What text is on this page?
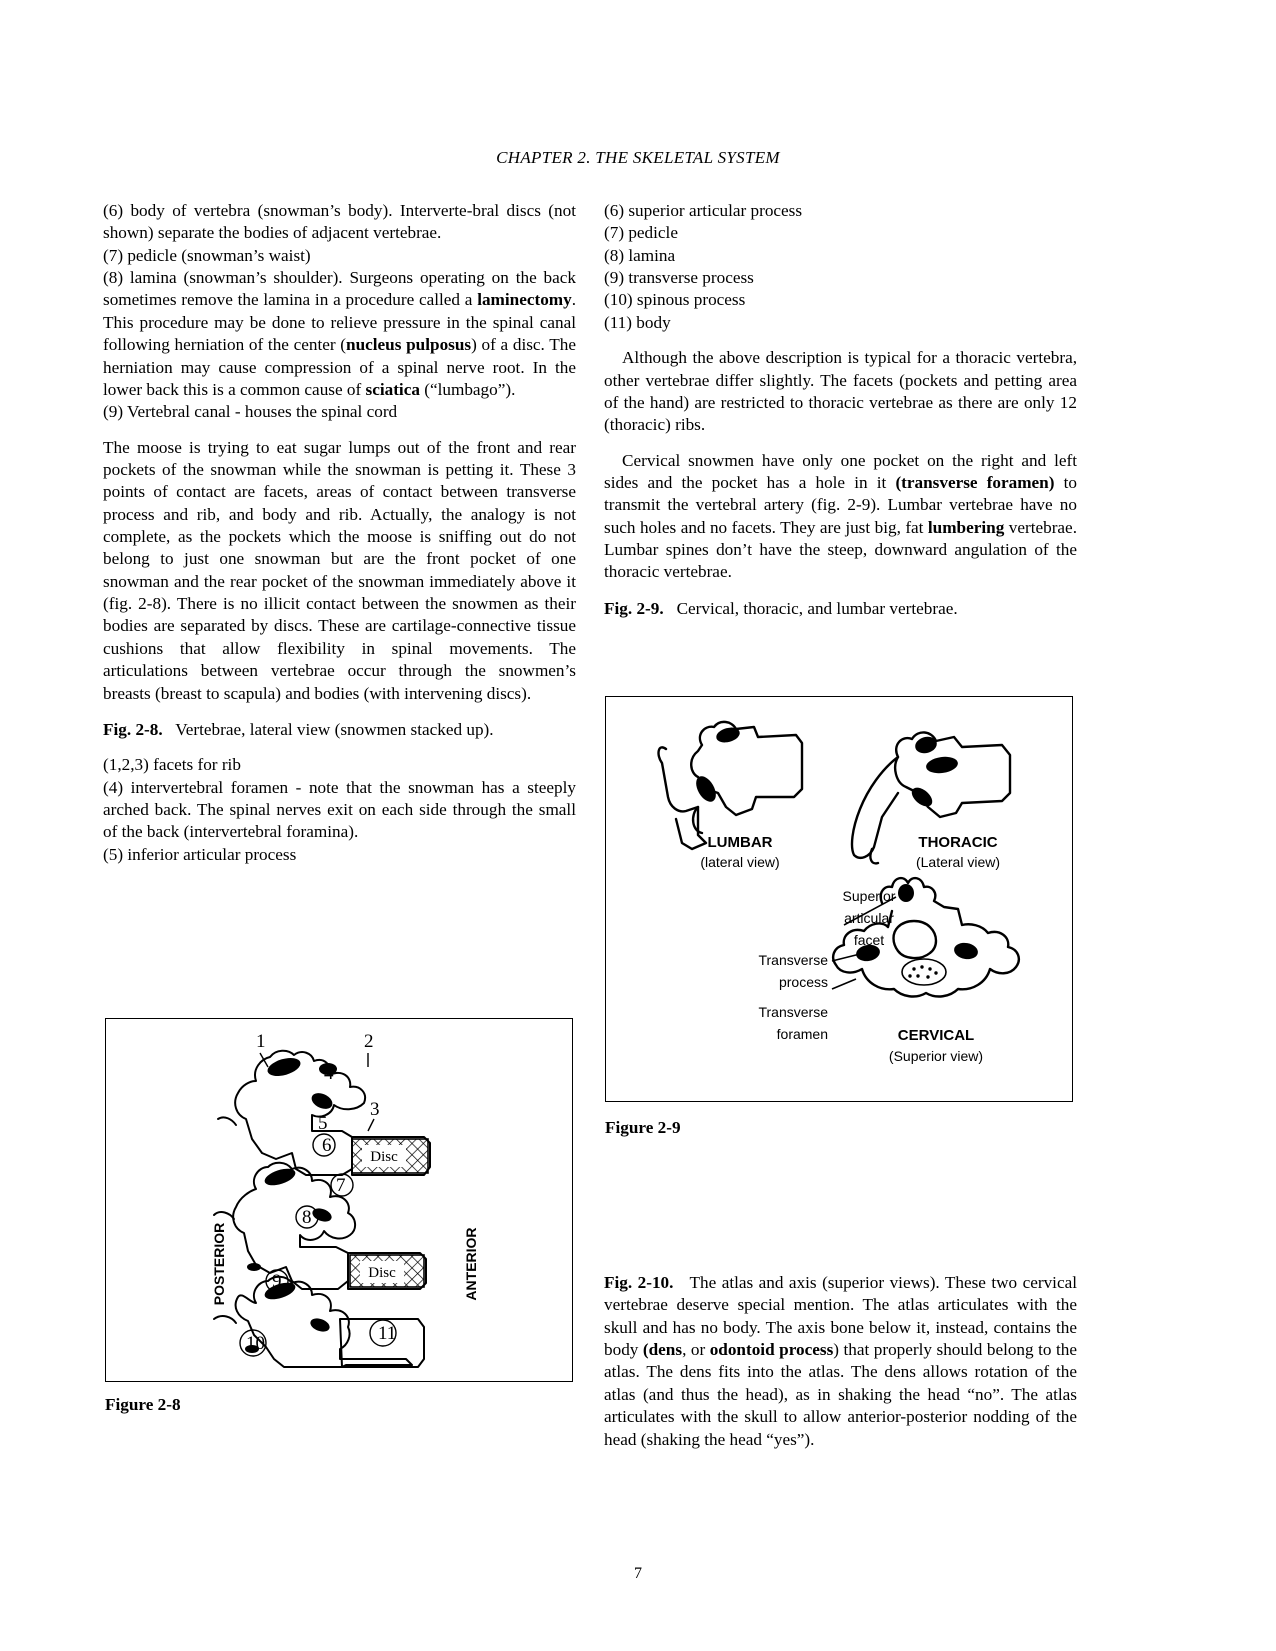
CHAPTER 2. THE SKELETAL SYSTEM

(6) body of vertebra (snowman’s body). Interverte-bral discs (not shown) separate the bodies of adjacent vertebrae.

(7) pedicle (snowman’s waist)

(8) lamina (snowman’s shoulder). Surgeons operating on the back sometimes remove the lamina in a procedure called a laminectomy. This procedure may be done to relieve pressure in the spinal canal following herniation of the center (nucleus pulposus) of a disc. The herniation may cause compression of a spinal nerve root. In the lower back this is a common cause of sciatica (“lumbago”).

(9) Vertebral canal - houses the spinal cord

The moose is trying to eat sugar lumps out of the front and rear pockets of the snowman while the snowman is petting it. These 3 points of contact are facets, areas of contact between transverse process and rib, and body and rib. Actually, the analogy is not complete, as the pockets which the moose is sniffing out do not belong to just one snowman but are the front pocket of one snowman and the rear pocket of the snowman immediately above it (fig. 2-8). There is no illicit contact between the snowmen as their bodies are separated by discs. These are cartilage-connective tissue cushions that allow flexibility in spinal movements. The articulations between vertebrae occur through the snowmen’s breasts (breast to scapula) and bodies (with intervening discs).

Fig. 2-8. Vertebrae, lateral view (snowmen stacked up).

(1,2,3) facets for rib

(4) intervertebral foramen - note that the snowman has a steeply arched back. The spinal nerves exit on each side through the small of the back (intervertebral foramina).

(5) inferior articular process

Disc
Disc
1	2
4
3
5
6
7
8
9
10	11
POSTERIOR	ANTERIOR
Figure 2-8

(6) superior articular process

(7) pedicle

(8) lamina

(9) transverse process

(10) spinous process

(11) body

Although the above description is typical for a thoracic vertebra, other vertebrae differ slightly. The facets (pockets and petting area of the hand) are restricted to thoracic vertebrae as there are only 12 (thoracic) ribs.

Cervical snowmen have only one pocket on the right and left sides and the pocket has a hole in it (transverse foramen) to transmit the vertebral artery (fig. 2-9). Lumbar vertebrae have no such holes and no facets. They are just big, fat lumbering vertebrae. Lumbar spines don’t have the steep, downward angulation of the thoracic vertebrae.

Fig. 2-9. Cervical, thoracic, and lumbar vertebrae.

LUMBAR
(lateral view)
THORACIC
(Lateral view)
CERVICAL
(Superior view)
Superior
articular
facet
Transverse
process
Transverse
foramen
Figure 2-9

Fig. 2-10. The atlas and axis (superior views). These two cervical vertebrae deserve special mention. The atlas articulates with the skull and has no body. The axis bone below it, instead, contains the body (dens, or odontoid process) that properly should belong to the atlas. The dens fits into the atlas. The dens allows rotation of the atlas (and thus the head), as in shaking the head “no”. The atlas articulates with the skull to allow anterior-posterior nodding of the head (shaking the head “yes”).

7
